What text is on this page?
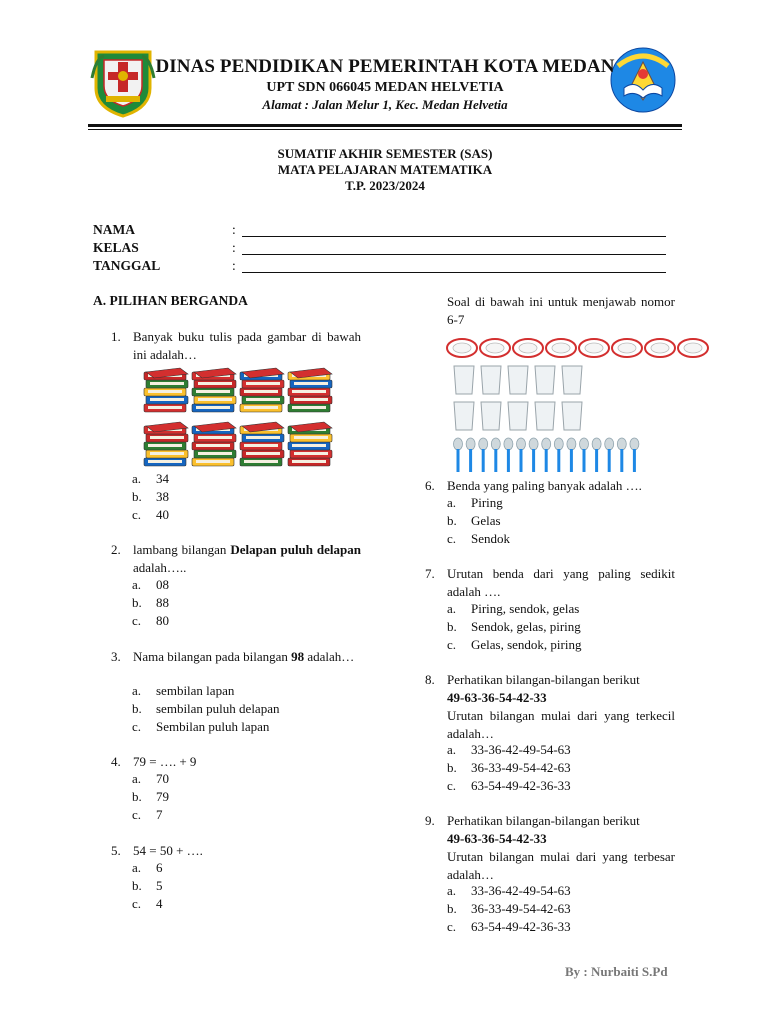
DINAS PENDIDIKAN PEMERINTAH KOTA MEDAN
UPT SDN 066045 MEDAN HELVETIA
Alamat : Jalan Melur 1, Kec. Medan Helvetia
SUMATIF AKHIR SEMESTER (SAS)
MATA PELAJARAN MATEMATIKA
T.P. 2023/2024
NAMA	:
KELAS	:
TANGGAL	:
A. PILIHAN BERGANDA
1. Banyak buku tulis pada gambar di bawah ini adalah…
a. 34
b. 38
c. 40
2. lambang bilangan Delapan puluh delapan adalah…..
a. 08
b. 88
c. 80
3. Nama bilangan pada bilangan 98 adalah…
a. sembilan lapan
b. sembilan puluh delapan
c. Sembilan puluh lapan
4. 79 = …. + 9
a. 70
b. 79
c. 7
5. 54 = 50 + ….
a. 6
b. 5
c. 4
Soal di bawah ini untuk menjawab nomor 6-7
6. Benda yang paling banyak adalah ….
a. Piring
b. Gelas
c. Sendok
7. Urutan benda dari yang paling sedikit adalah ….
a. Piring, sendok, gelas
b. Sendok, gelas, piring
c. Gelas, sendok, piring
8. Perhatikan bilangan-bilangan berikut
49-63-36-54-42-33
Urutan bilangan mulai dari yang terkecil adalah…
a. 33-36-42-49-54-63
b. 36-33-49-54-42-63
c. 63-54-49-42-36-33
9. Perhatikan bilangan-bilangan berikut
49-63-36-54-42-33
Urutan bilangan mulai dari yang terbesar adalah…
a. 33-36-42-49-54-63
b. 36-33-49-54-42-63
c. 63-54-49-42-36-33
By : Nurbaiti S.Pd
